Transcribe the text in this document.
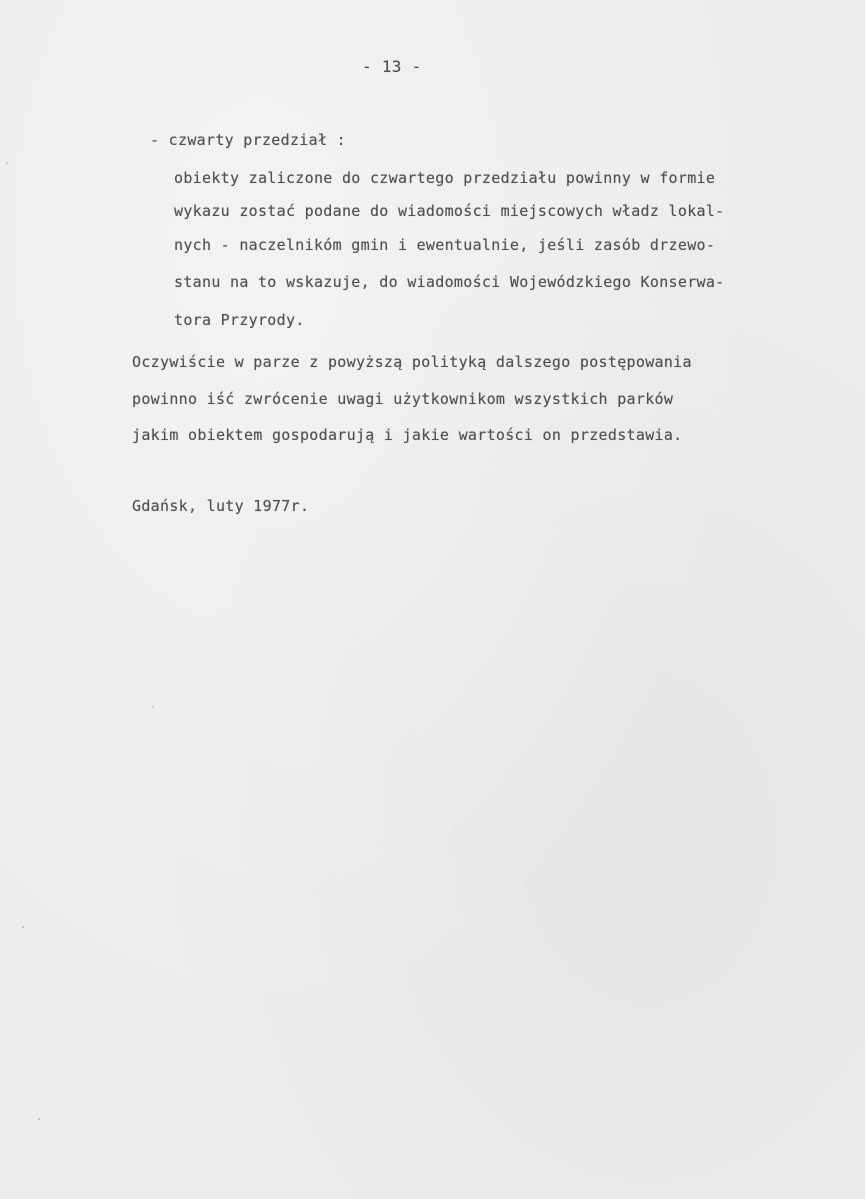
- 13 -
- czwarty przedział :
obiekty zaliczone do czwartego przedziału powinny w formie
wykazu zostać podane do wiadomości miejscowych władz lokal-
nych - naczelnikóm gmin i ewentualnie, jeśli zasób drzewo-
stanu na to wskazuje, do wiadomości Wojewódzkiego Konserwa-
tora Przyrody.
Oczywiście w parze z powyższą polityką dalszego postępowania
powinno iść zwrócenie uwagi użytkownikom wszystkich parków
jakim obiektem gospodarują i jakie wartości on przedstawia.
Gdańsk, luty 1977r.
